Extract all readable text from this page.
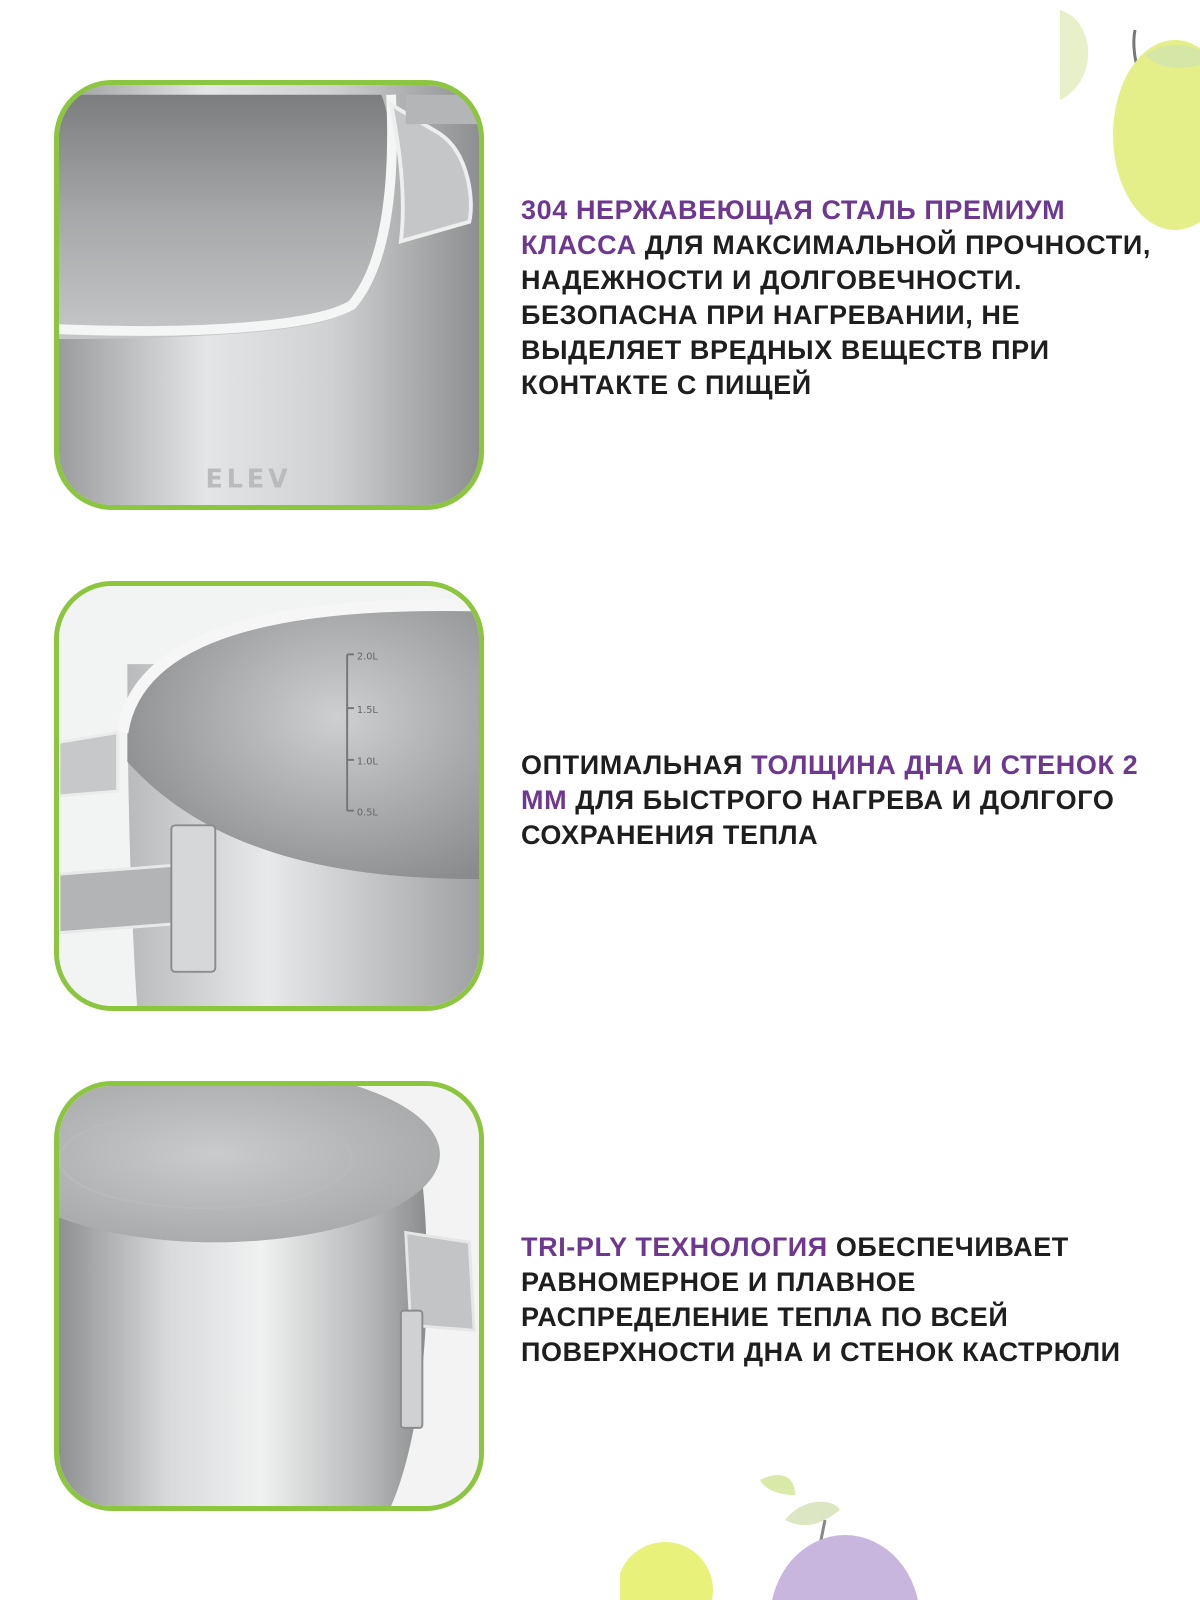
ELEV
304 НЕРЖАВЕЮЩАЯ СТАЛЬ ПРЕМИУМ КЛАССА ДЛЯ МАКСИМАЛЬНОЙ ПРОЧНОСТИ, НАДЕЖНОСТИ И ДОЛГОВЕЧНОСТИ. БЕЗОПАСНА ПРИ НАГРЕВАНИИ, НЕ ВЫДЕЛЯЕТ ВРЕДНЫХ ВЕЩЕСТВ ПРИ КОНТАКТЕ С ПИЩЕЙ
2.0L
1.5L
1.0L
0.5L
ОПТИМАЛЬНАЯ ТОЛЩИНА ДНА И СТЕНОК 2 ММ ДЛЯ БЫСТРОГО НАГРЕВА И ДОЛГОГО СОХРАНЕНИЯ ТЕПЛА
TRI-PLY ТЕХНОЛОГИЯ ОБЕСПЕЧИВАЕТ РАВНОМЕРНОЕ И ПЛАВНОЕ РАСПРЕДЕЛЕНИЕ ТЕПЛА ПО ВСЕЙ ПОВЕРХНОСТИ ДНА И СТЕНОК КАСТРЮЛИ
